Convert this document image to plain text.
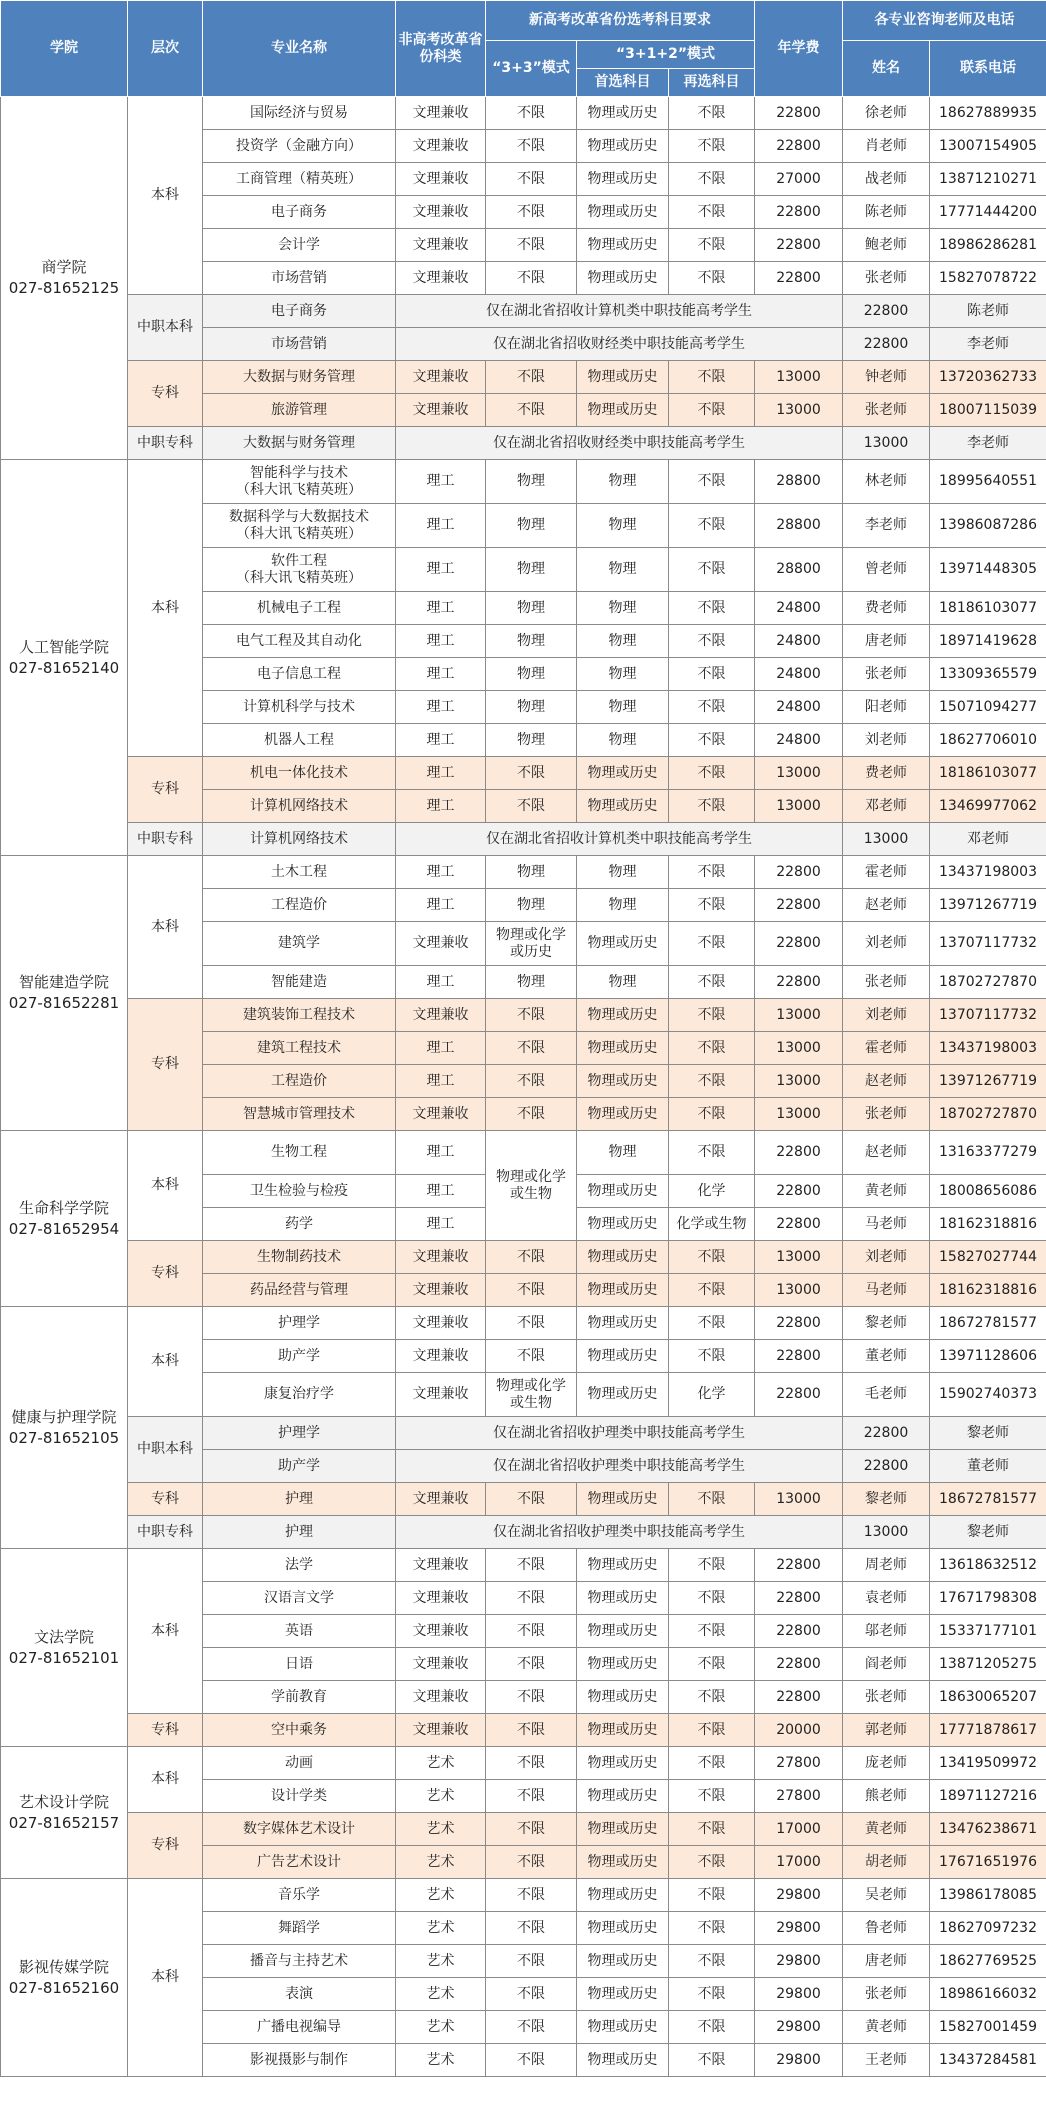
学院	层次	专业名称	非高考改革省份科类	新高考改革省份选考科目要求			年学费	各专业咨询老师及电话		
				“3+3”模式	“3+1+2”模式			姓名	联系电话	
					首选科目	再选科目				
商学院
027-81652125	本科	国际经济与贸易	文理兼收	不限	物理或历史	不限	22800	徐老师	18627889935	
		投资学（金融方向）	文理兼收	不限	物理或历史	不限	22800	肖老师	13007154905	
		工商管理（精英班）	文理兼收	不限	物理或历史	不限	27000	战老师	13871210271	
		电子商务	文理兼收	不限	物理或历史	不限	22800	陈老师	17771444200	
		会计学	文理兼收	不限	物理或历史	不限	22800	鲍老师	18986286281	
		市场营销	文理兼收	不限	物理或历史	不限	22800	张老师	15827078722	
	中职本科	电子商务	仅在湖北省招收计算机类中职技能高考学生					22800	陈老师	
		市场营销	仅在湖北省招收财经类中职技能高考学生					22800	李老师	
	专科	大数据与财务管理	文理兼收	不限	物理或历史	不限	13000	钟老师	13720362733	
		旅游管理	文理兼收	不限	物理或历史	不限	13000	张老师	18007115039	
	中职专科	大数据与财务管理	仅在湖北省招收财经类中职技能高考学生					13000	李老师	
人工智能学院
027-81652140	本科	智能科学与技术
（科大讯飞精英班）	理工	物理	物理	不限	28800	林老师	18995640551	
		数据科学与大数据技术
（科大讯飞精英班）	理工	物理	物理	不限	28800	李老师	13986087286	
		软件工程
（科大讯飞精英班）	理工	物理	物理	不限	28800	曾老师	13971448305	
		机械电子工程	理工	物理	物理	不限	24800	费老师	18186103077	
		电气工程及其自动化	理工	物理	物理	不限	24800	唐老师	18971419628	
		电子信息工程	理工	物理	物理	不限	24800	张老师	13309365579	
		计算机科学与技术	理工	物理	物理	不限	24800	阳老师	15071094277	
		机器人工程	理工	物理	物理	不限	24800	刘老师	18627706010	
	专科	机电一体化技术	理工	不限	物理或历史	不限	13000	费老师	18186103077	
		计算机网络技术	理工	不限	物理或历史	不限	13000	邓老师	13469977062	
	中职专科	计算机网络技术	仅在湖北省招收计算机类中职技能高考学生					13000	邓老师	
智能建造学院
027-81652281	本科	土木工程	理工	物理	物理	不限	22800	霍老师	13437198003	
		工程造价	理工	物理	物理	不限	22800	赵老师	13971267719	
		建筑学	文理兼收	物理或化学
或历史	物理或历史	不限	22800	刘老师	13707117732	
		智能建造	理工	物理	物理	不限	22800	张老师	18702727870	
	专科	建筑装饰工程技术	文理兼收	不限	物理或历史	不限	13000	刘老师	13707117732	
		建筑工程技术	理工	不限	物理或历史	不限	13000	霍老师	13437198003	
		工程造价	理工	不限	物理或历史	不限	13000	赵老师	13971267719	
		智慧城市管理技术	文理兼收	不限	物理或历史	不限	13000	张老师	18702727870	
生命科学学院
027-81652954	本科	生物工程	理工	物理或化学
或生物	物理	不限	22800	赵老师	13163377279	
		卫生检验与检疫	理工		物理或历史	化学	22800	黄老师	18008656086	
		药学	理工		物理或历史	化学或生物	22800	马老师	18162318816	
	专科	生物制药技术	文理兼收	不限	物理或历史	不限	13000	刘老师	15827027744	
		药品经营与管理	文理兼收	不限	物理或历史	不限	13000	马老师	18162318816	
健康与护理学院
027-81652105	本科	护理学	文理兼收	不限	物理或历史	不限	22800	黎老师	18672781577	
		助产学	文理兼收	不限	物理或历史	不限	22800	董老师	13971128606	
		康复治疗学	文理兼收	物理或化学
或生物	物理或历史	化学	22800	毛老师	15902740373	
	中职本科	护理学	仅在湖北省招收护理类中职技能高考学生					22800	黎老师	
		助产学	仅在湖北省招收护理类中职技能高考学生					22800	董老师	
	专科	护理	文理兼收	不限	物理或历史	不限	13000	黎老师	18672781577	
	中职专科	护理	仅在湖北省招收护理类中职技能高考学生					13000	黎老师	
文法学院
027-81652101	本科	法学	文理兼收	不限	物理或历史	不限	22800	周老师	13618632512	
		汉语言文学	文理兼收	不限	物理或历史	不限	22800	袁老师	17671798308	
		英语	文理兼收	不限	物理或历史	不限	22800	邬老师	15337177101	
		日语	文理兼收	不限	物理或历史	不限	22800	阎老师	13871205275	
		学前教育	文理兼收	不限	物理或历史	不限	22800	张老师	18630065207	
	专科	空中乘务	文理兼收	不限	物理或历史	不限	20000	郭老师	17771878617	
艺术设计学院
027-81652157	本科	动画	艺术	不限	物理或历史	不限	27800	庞老师	13419509972	
		设计学类	艺术	不限	物理或历史	不限	27800	熊老师	18971127216	
	专科	数字媒体艺术设计	艺术	不限	物理或历史	不限	17000	黄老师	13476238671	
		广告艺术设计	艺术	不限	物理或历史	不限	17000	胡老师	17671651976	
影视传媒学院
027-81652160	本科	音乐学	艺术	不限	物理或历史	不限	29800	吴老师	13986178085	
		舞蹈学	艺术	不限	物理或历史	不限	29800	鲁老师	18627097232	
		播音与主持艺术	艺术	不限	物理或历史	不限	29800	唐老师	18627769525	
		表演	艺术	不限	物理或历史	不限	29800	张老师	18986166032	
		广播电视编导	艺术	不限	物理或历史	不限	29800	黄老师	15827001459	
		影视摄影与制作	艺术	不限	物理或历史	不限	29800	王老师	13437284581	
